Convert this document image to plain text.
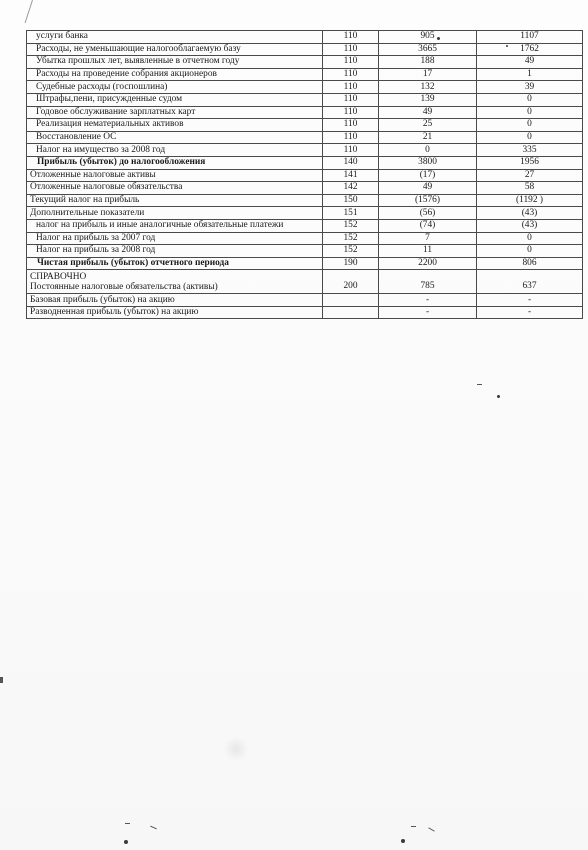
услуги банка	110	905	1107
Расходы, не уменьшающие налогооблагаемую базу	110	3665	1762
Убытка прошлых лет, выявленные в отчетном году	110	188	49
Расходы на проведение собрания акционеров	110	17	1
Судебные расходы (госпошлина)	110	132	39
Штрафы,пени, присужденные судом	110	139	0
Годовое обслуживание зарплатных карт	110	49	0
Реализация нематериальных активов	110	25	0
Восстановление ОС	110	21	0
Налог на имущество за 2008 год	110	0	335
Прибыль (убыток) до налогообложения	140	3800	1956
Отложенные налоговые активы	141	(17)	27
Отложенные налоговые обязательства	142	49	58
Текущий налог на прибыль	150	(1576)	(1192 )
Дополнительные показатели	151	(56)	(43)
налог на прибыль и иные аналогичные обязательные платежи	152	(74)	(43)
Налог на прибыль за 2007 год	152	7	0
Налог на прибыль за 2008 год	152	11	0
Чистая прибыль (убыток) отчетного периода	190	2200	806

СПРАВОЧНО
Постоянные налоговые обязательства (активы)	200	785	637
Базовая прибыль (убыток) на акцию		-	-
Разводненная прибыль (убыток) на акцию		-	-
